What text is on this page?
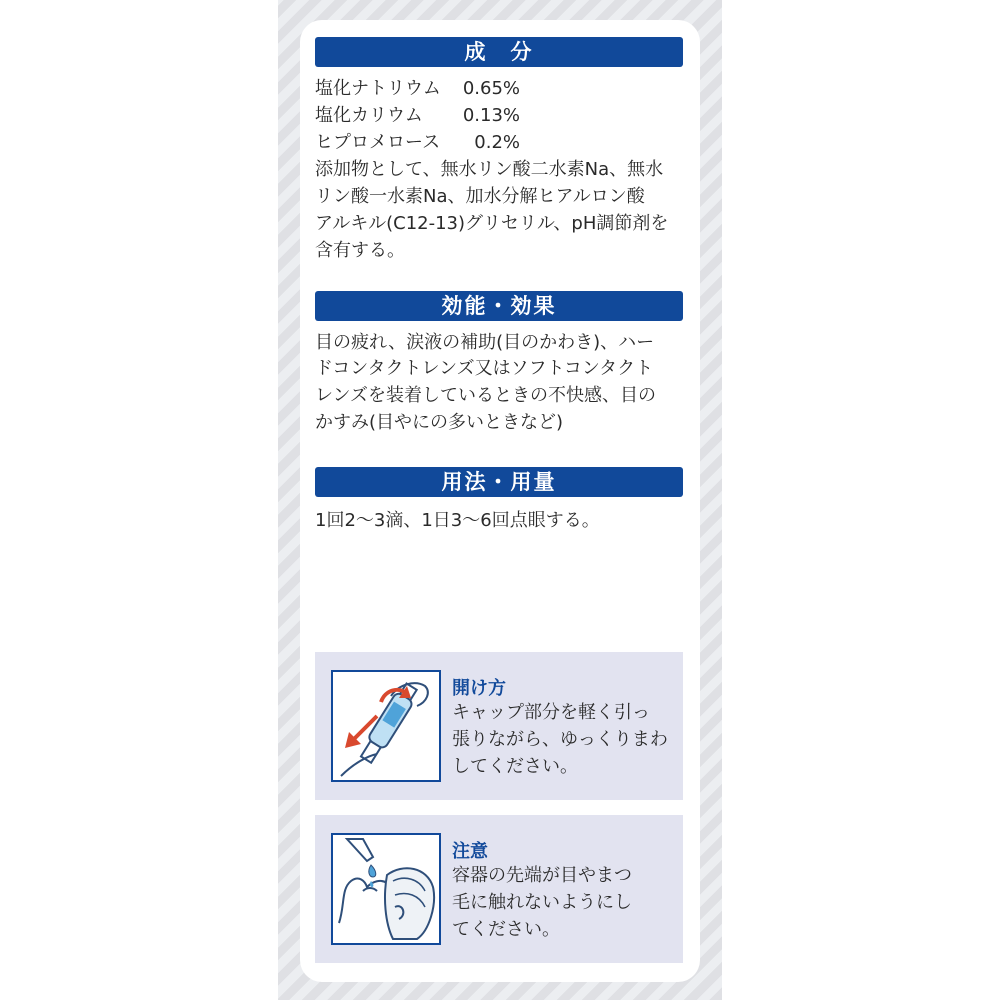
成　分
塩化ナトリウム 0.65%
塩化カリウム 0.13%
ヒプロメロース	0.2%
添加物として、無水リン酸二水素Na、無水
リン酸一水素Na、加水分解ヒアルロン酸
アルキル(C12-13)グリセリル、pH調節剤を
含有する。
効能・効果
目の疲れ、涙液の補助(目のかわき)、ハー
ドコンタクトレンズ又はソフトコンタクト
レンズを装着しているときの不快感、目の
かすみ(目やにの多いときなど)
用法・用量
1回2～3滴、1日3～6回点眼する。
開け方
キャップ部分を軽く引っ
張りながら、ゆっくりまわ
してください。
注意
容器の先端が目やまつ
毛に触れないようにし
てください。
